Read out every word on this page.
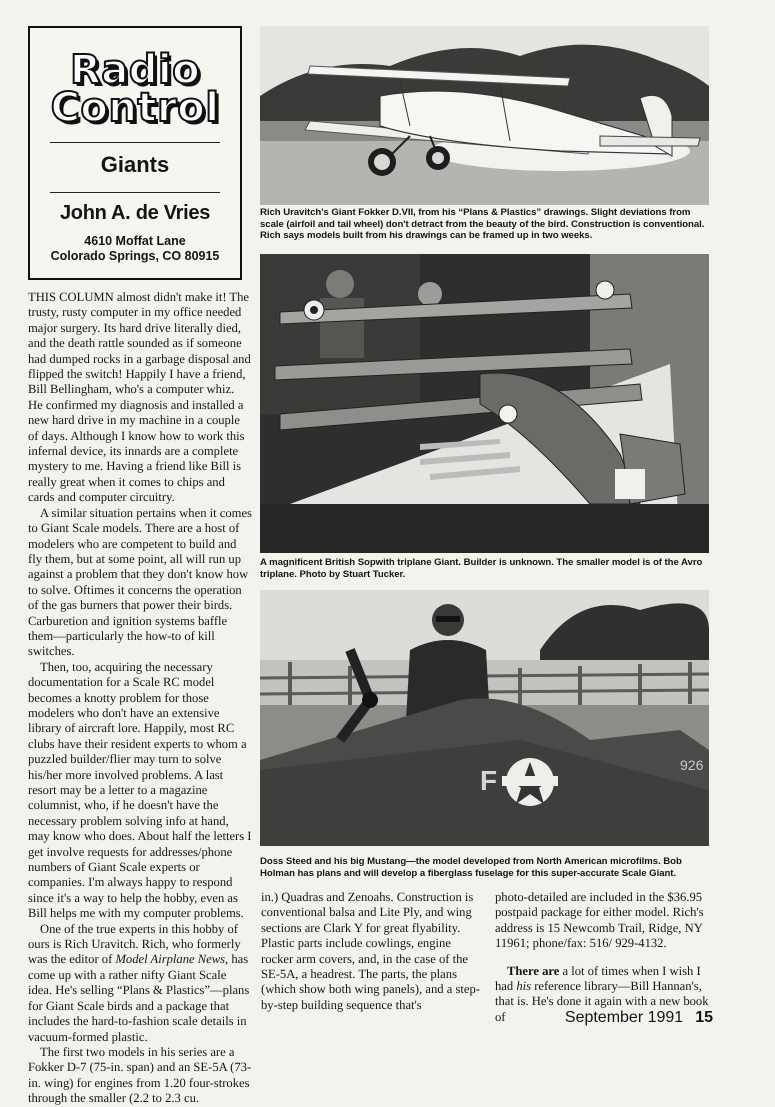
Radio
Control
Giants
John A. de Vries
4610 Moffat Lane
Colorado Springs, CO 80915
Rich Uravitch's Giant Fokker D.VII, from his “Plans & Plastics” drawings. Slight deviations from scale (airfoil and tail wheel) don't detract from the beauty of the bird. Construction is conventional. Rich says models built from his drawings can be framed up in two weeks.
A magnificent British Sopwith triplane Giant. Builder is unknown. The smaller model is of the Avro triplane. Photo by Stuart Tucker.
F	926
Doss Steed and his big Mustang—the model developed from North American microfilms. Bob Holman has plans and will develop a fiberglass fuselage for this super-accurate Scale Giant.

THIS COLUMN almost didn't make it! The trusty, rusty computer in my office needed major surgery. Its hard drive literally died, and the death rattle sounded as if someone had dumped rocks in a garbage disposal and flipped the switch! Happily I have a friend, Bill Bellingham, who's a computer whiz. He confirmed my diagnosis and installed a new hard drive in my machine in a couple of days. Although I know how to work this infernal device, its innards are a complete mystery to me. Having a friend like Bill is really great when it comes to chips and cards and computer circuitry.

A similar situation pertains when it comes to Giant Scale models. There are a host of modelers who are competent to build and fly them, but at some point, all will run up against a problem that they don't know how to solve. Oftimes it concerns the operation of the gas burners that power their birds. Carburetion and ignition systems baffle them—particularly the how-to of kill switches.

Then, too, acquiring the necessary documentation for a Scale RC model becomes a knotty problem for those modelers who don't have an extensive library of aircraft lore. Happily, most RC clubs have their resident experts to whom a puzzled builder/flier may turn to solve his/her more involved problems. A last resort may be a letter to a magazine columnist, who, if he doesn't have the necessary problem solving info at hand, may know who does. About half the letters I get involve requests for addresses/phone numbers of Giant Scale experts or companies. I'm always happy to respond since it's a way to help the hobby, even as Bill helps me with my computer problems.

One of the true experts in this hobby of ours is Rich Uravitch. Rich, who formerly was the editor of Model Airplane News, has come up with a rather nifty Giant Scale idea. He's selling “Plans & Plastics”—plans for Giant Scale birds and a package that includes the hard-to-fashion scale details in vacuum-formed plastic.

The first two models in his series are a Fokker D-7 (75-in. span) and an SE-5A (73-in. wing) for engines from 1.20 four-strokes through the smaller (2.2 to 2.3 cu.

in.) Quadras and Zenoahs. Construction is conventional balsa and Lite Ply, and wing sections are Clark Y for great flyability. Plastic parts include cowlings, engine rocker arm covers, and, in the case of the SE-5A, a headrest. The parts, the plans (which show both wing panels), and a step-by-step building sequence that's

photo-detailed are included in the $36.95 postpaid package for either model. Rich's address is 15 Newcomb Trail, Ridge, NY 11961; phone/fax: 516/ 929-4132.

There are a lot of times when I wish I had his reference library—Bill Hannan's, that is. He's done it again with a new book of	September 1991 15
